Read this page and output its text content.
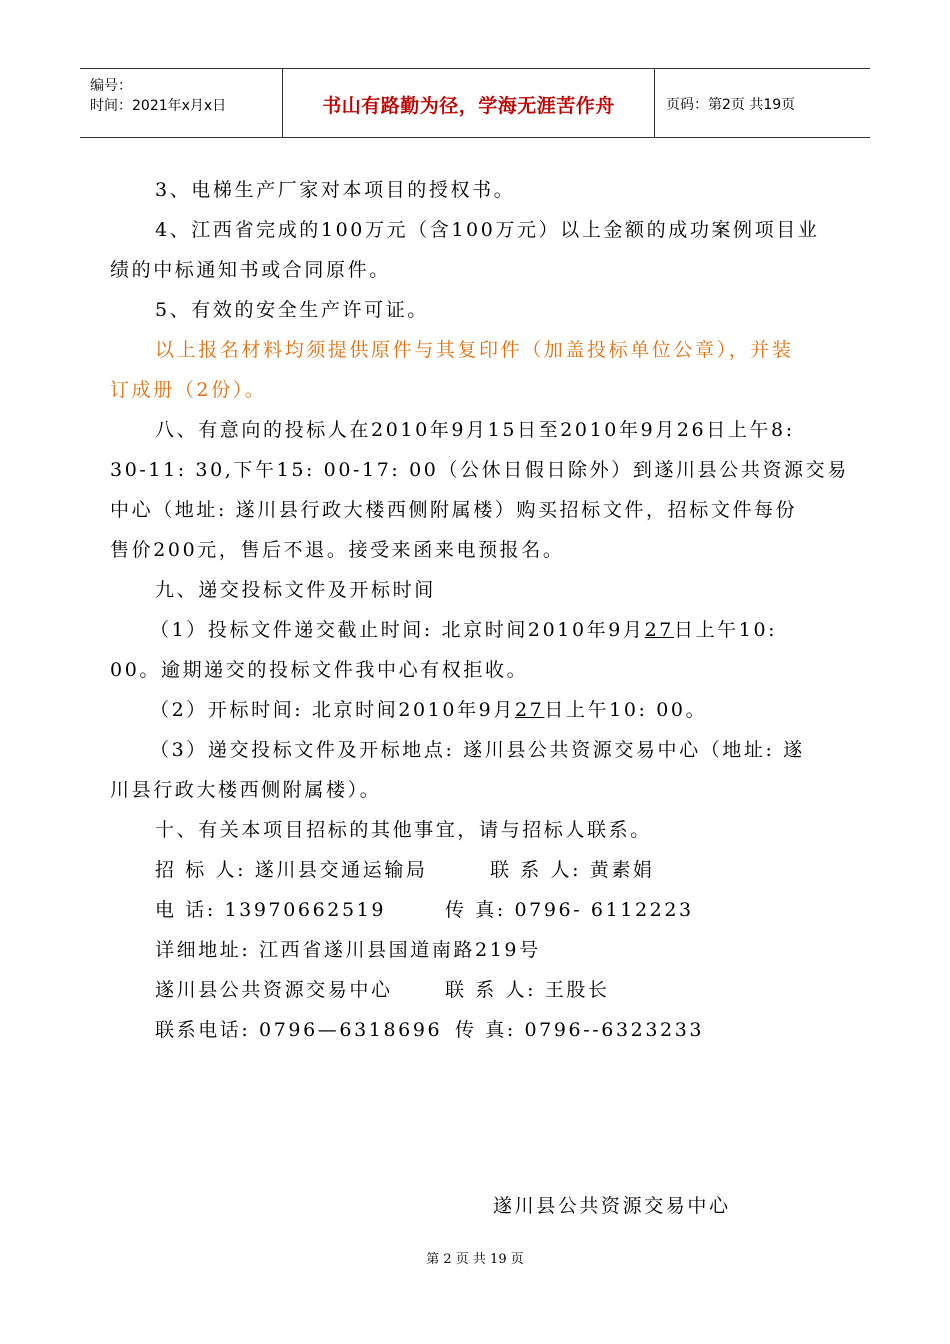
编号：
时间：2021年x月x日	书山有路勤为径，学海无涯苦作舟	页码：第2页 共19页
3、电梯生产厂家对本项目的授权书。
4、江西省完成的100万元（含100万元）以上金额的成功案例项目业
绩的中标通知书或合同原件。
5、有效的安全生产许可证。
以上报名材料均须提供原件与其复印件（加盖投标单位公章），并装
订成册（2份）。
八、有意向的投标人在2010年9月15日至2010年9月26日上午8:
30-11: 30,下午15: 00-17: 00（公休日假日除外）到遂川县公共资源交易
中心（地址: 遂川县行政大楼西侧附属楼）购买招标文件，招标文件每份
售价200元，售后不退。接受来函来电预报名。
九、递交投标文件及开标时间
（1）投标文件递交截止时间: 北京时间2010年9月27日上午10:
00。逾期递交的投标文件我中心有权拒收。
（2）开标时间: 北京时间2010年9月27日上午10: 00。
（3）递交投标文件及开标地点: 遂川县公共资源交易中心（地址: 遂
川县行政大楼西侧附属楼）。
十、有关本项目招标的其他事宜，请与招标人联系。
招 标 人: 遂川县交通运输局	联 系 人: 黄素娟
电 话: 13970662519	传 真: 0796- 6112223
详细地址: 江西省遂川县国道南路219号
遂川县公共资源交易中心	联 系 人: 王股长
联系电话: 0796—6318696 传 真: 0796--6323233
遂川县公共资源交易中心
第 2 页 共 19 页
